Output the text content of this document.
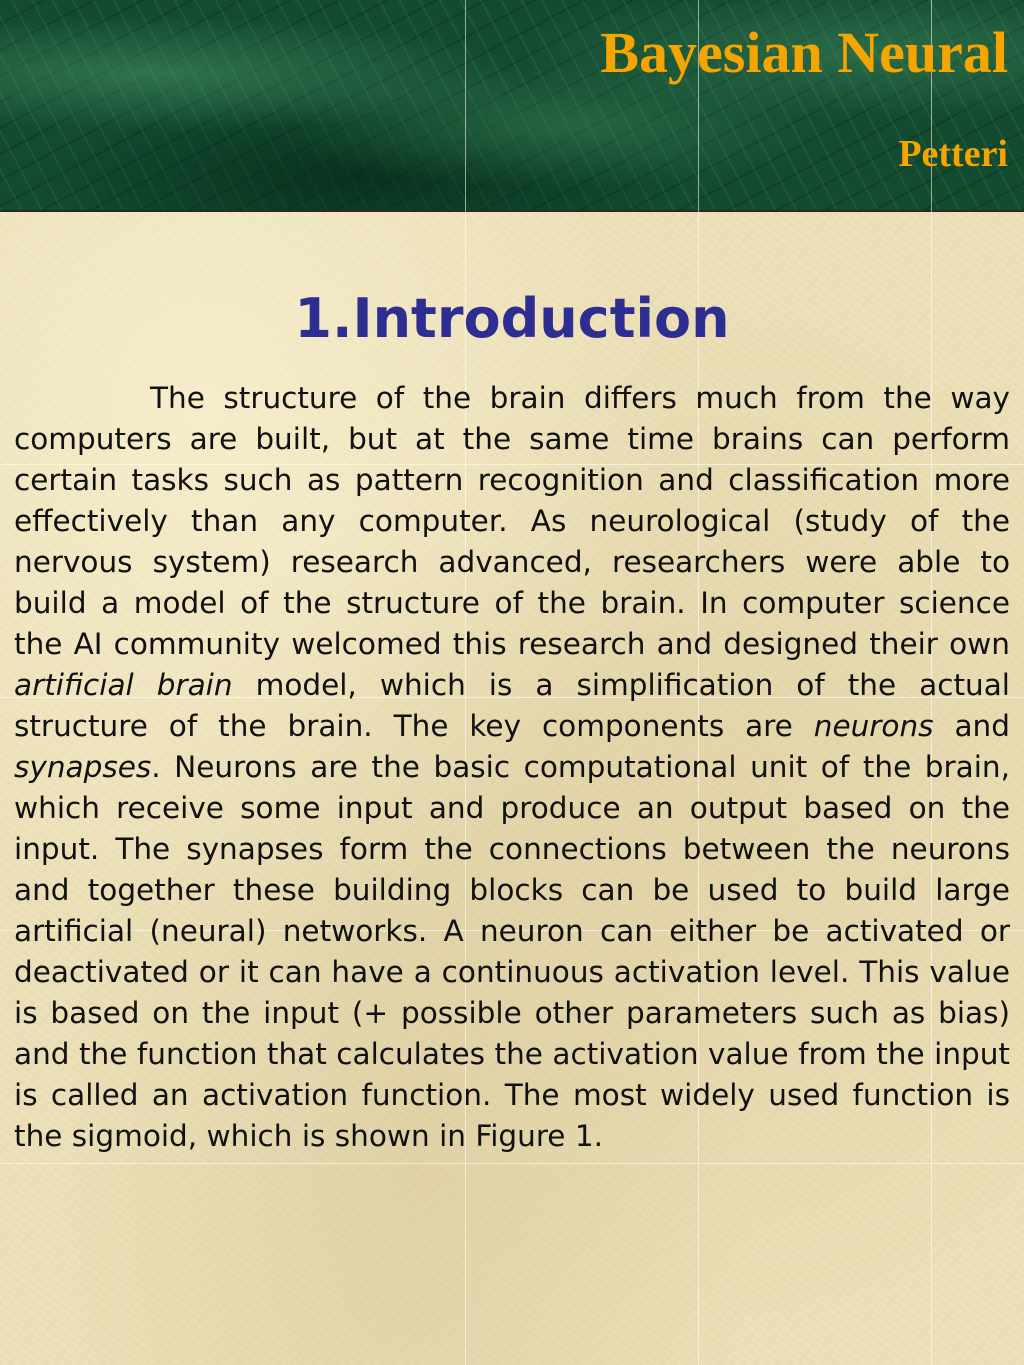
Bayesian Neural
Petteri
1.Introduction

The structure of the brain differs much from the way computers are built, but at the same time brains can perform certain tasks such as pattern recognition and classification more effectively than any computer. As neurological (study of the nervous system) research advanced, researchers were able to build a model of the structure of the brain. In computer science the AI community welcomed this research and designed their own artificial brain model, which is a simplification of the actual structure of the brain. The key components are neurons and synapses. Neurons are the basic computational unit of the brain, which receive some input and produce an output based on the input. The synapses form the connections between the neurons and together these building blocks can be used to build large artificial (neural) networks. A neuron can either be activated or deactivated or it can have a continuous activation level. This value is based on the input (+ possible other parameters such as bias) and the function that calculates the activation value from the input is called an activation function. The most widely used function is the sigmoid, which is shown in Figure 1.
